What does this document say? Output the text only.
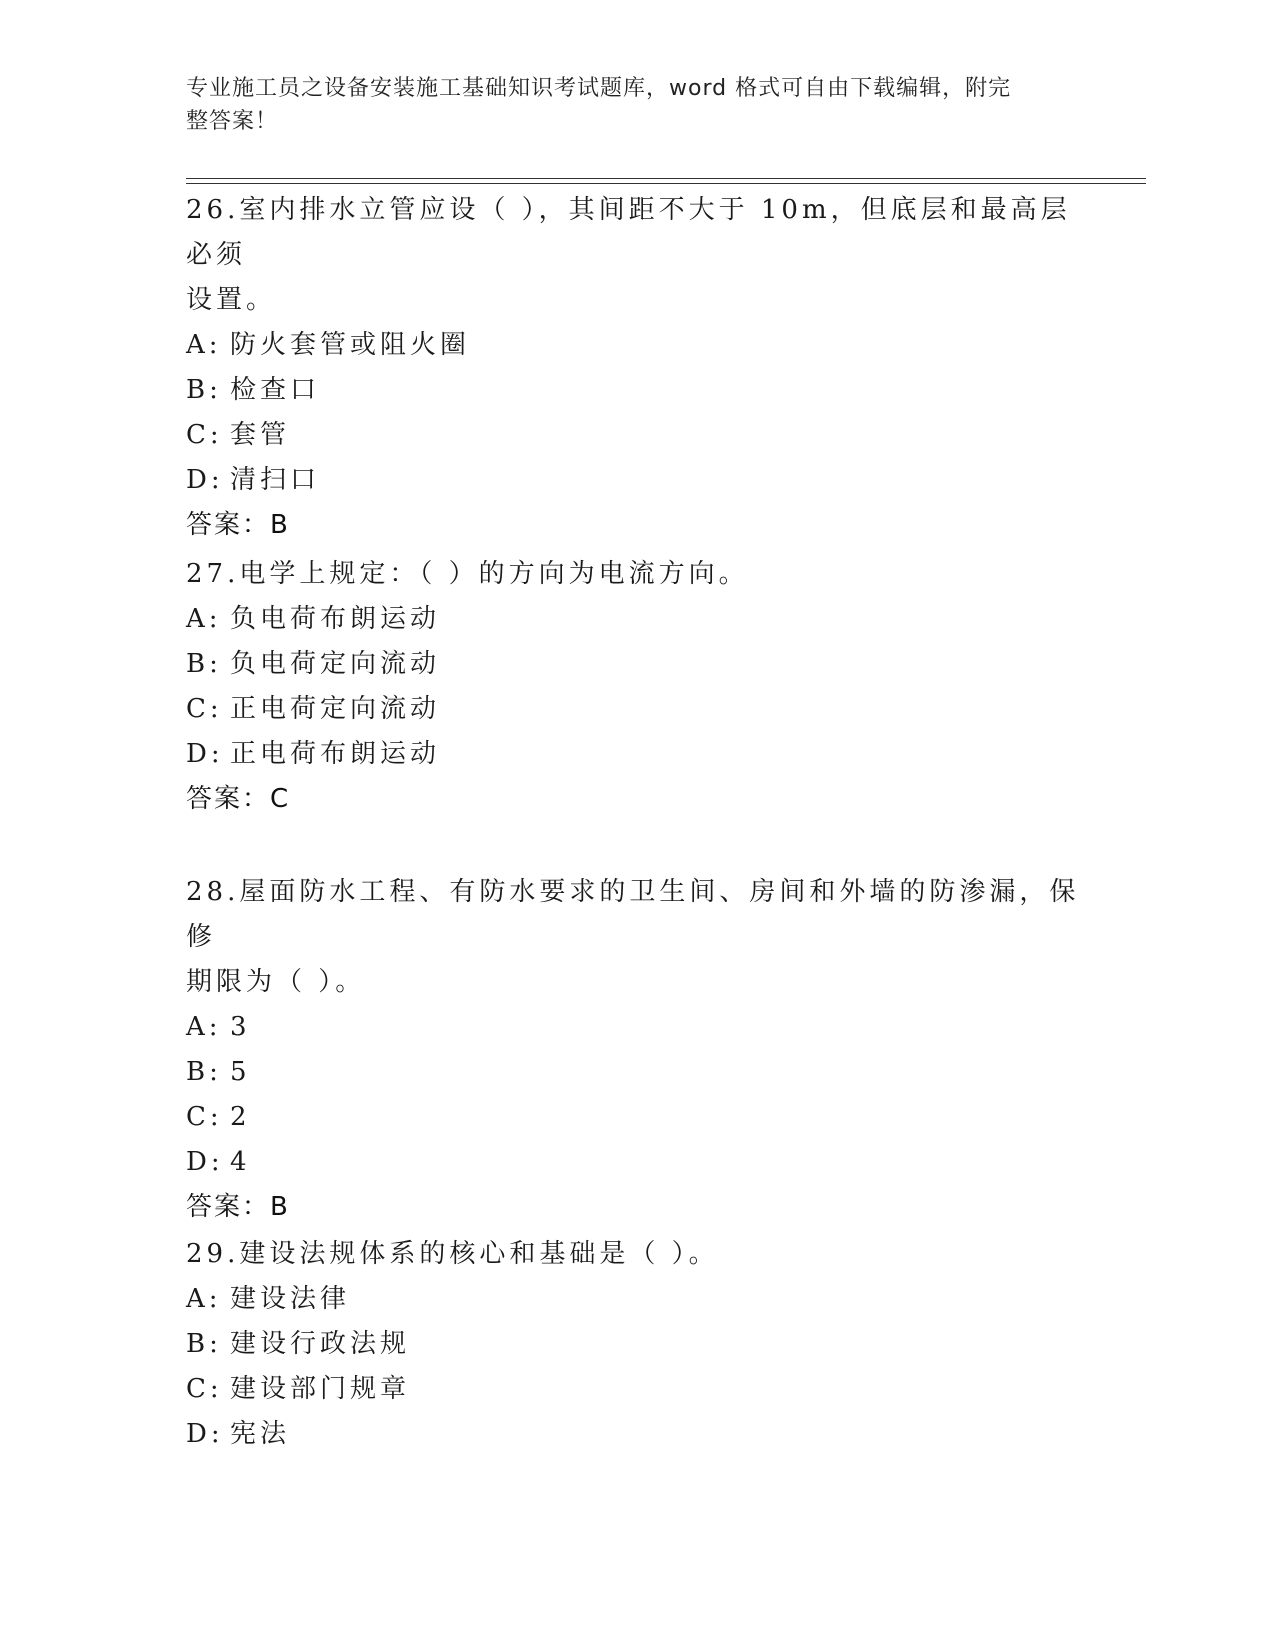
专业施工员之设备安装施工基础知识考试题库，word 格式可自由下载编辑，附完
整答案！
26.室内排水立管应设（ ），其间距不大于 10m，但底层和最高层必须
设置。
A: 防火套管或阻火圈
B: 检查口
C: 套管
D: 清扫口
答案：B
27.电学上规定：（ ）的方向为电流方向。
A: 负电荷布朗运动
B: 负电荷定向流动
C: 正电荷定向流动
D: 正电荷布朗运动
答案：C
28.屋面防水工程、有防水要求的卫生间、房间和外墙的防渗漏，保修
期限为（ ）。
A: 3
B: 5
C: 2
D: 4
答案：B
29.建设法规体系的核心和基础是（ ）。
A: 建设法律
B: 建设行政法规
C: 建设部门规章
D: 宪法
